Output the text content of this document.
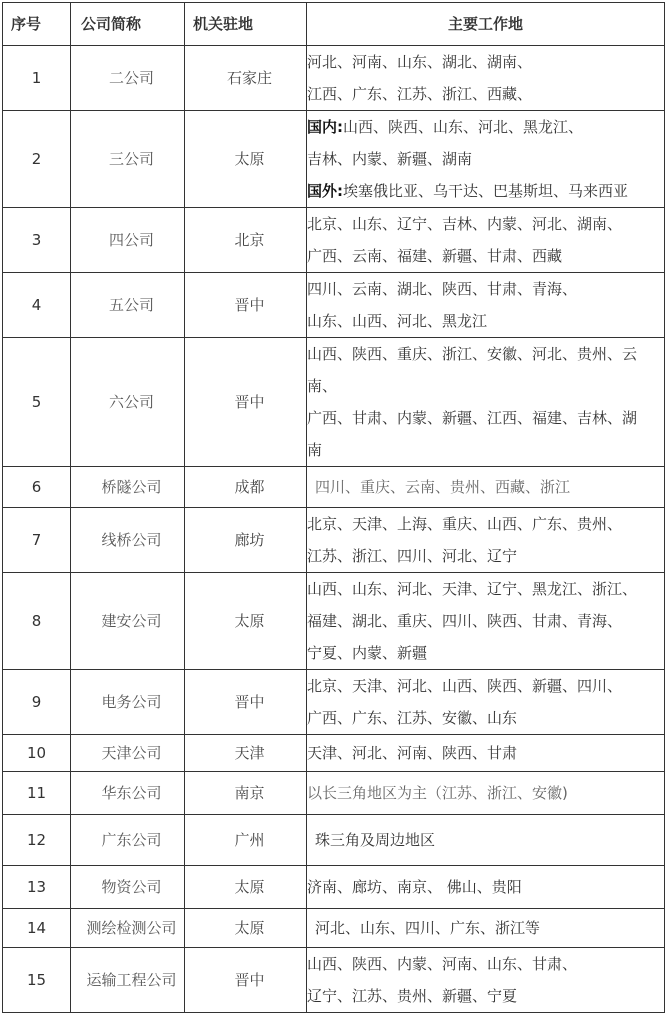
序号	公司简称	机关驻地	主要工作地
1	二公司	石家庄	河北、河南、山东、湖北、湖南、
江西、广东、江苏、浙江、西藏、

2	三公司	太原	国内:山西、陕西、山东、河北、黑龙江、
吉林、内蒙、新疆、湖南
国外:埃塞俄比亚、乌干达、巴基斯坦、马来西亚

3	四公司	北京	北京、山东、辽宁、吉林、内蒙、河北、湖南、
广西、云南、福建、新疆、甘肃、西藏

4	五公司	晋中	四川、云南、湖北、陕西、甘肃、青海、
山东、山西、河北、黑龙江

5	六公司	晋中	山西、陕西、重庆、浙江、安徽、河北、贵州、云
南、
广西、甘肃、内蒙、新疆、江西、福建、吉林、湖
南

6	桥隧公司	成都	四川、重庆、云南、贵州、西藏、浙江

7	线桥公司	廊坊	北京、天津、上海、重庆、山西、广东、贵州、
江苏、浙江、四川、河北、辽宁

8	建安公司	太原	山西、山东、河北、天津、辽宁、黑龙江、浙江、
福建、湖北、重庆、四川、陕西、甘肃、青海、
宁夏、内蒙、新疆

9	电务公司	晋中	北京、天津、河北、山西、陕西、新疆、四川、
广西、广东、江苏、安徽、山东

10	天津公司	天津	天津、河北、河南、陕西、甘肃

11	华东公司	南京	以长三角地区为主（江苏、浙江、安徽)

12	广东公司	广州	珠三角及周边地区

13	物资公司	太原	济南、廊坊、南京、 佛山、贵阳

14	测绘检测公司	太原	河北、山东、四川、广东、浙江等

15	运输工程公司	晋中	山西、陕西、内蒙、河南、山东、甘肃、
辽宁、江苏、贵州、新疆、宁夏
